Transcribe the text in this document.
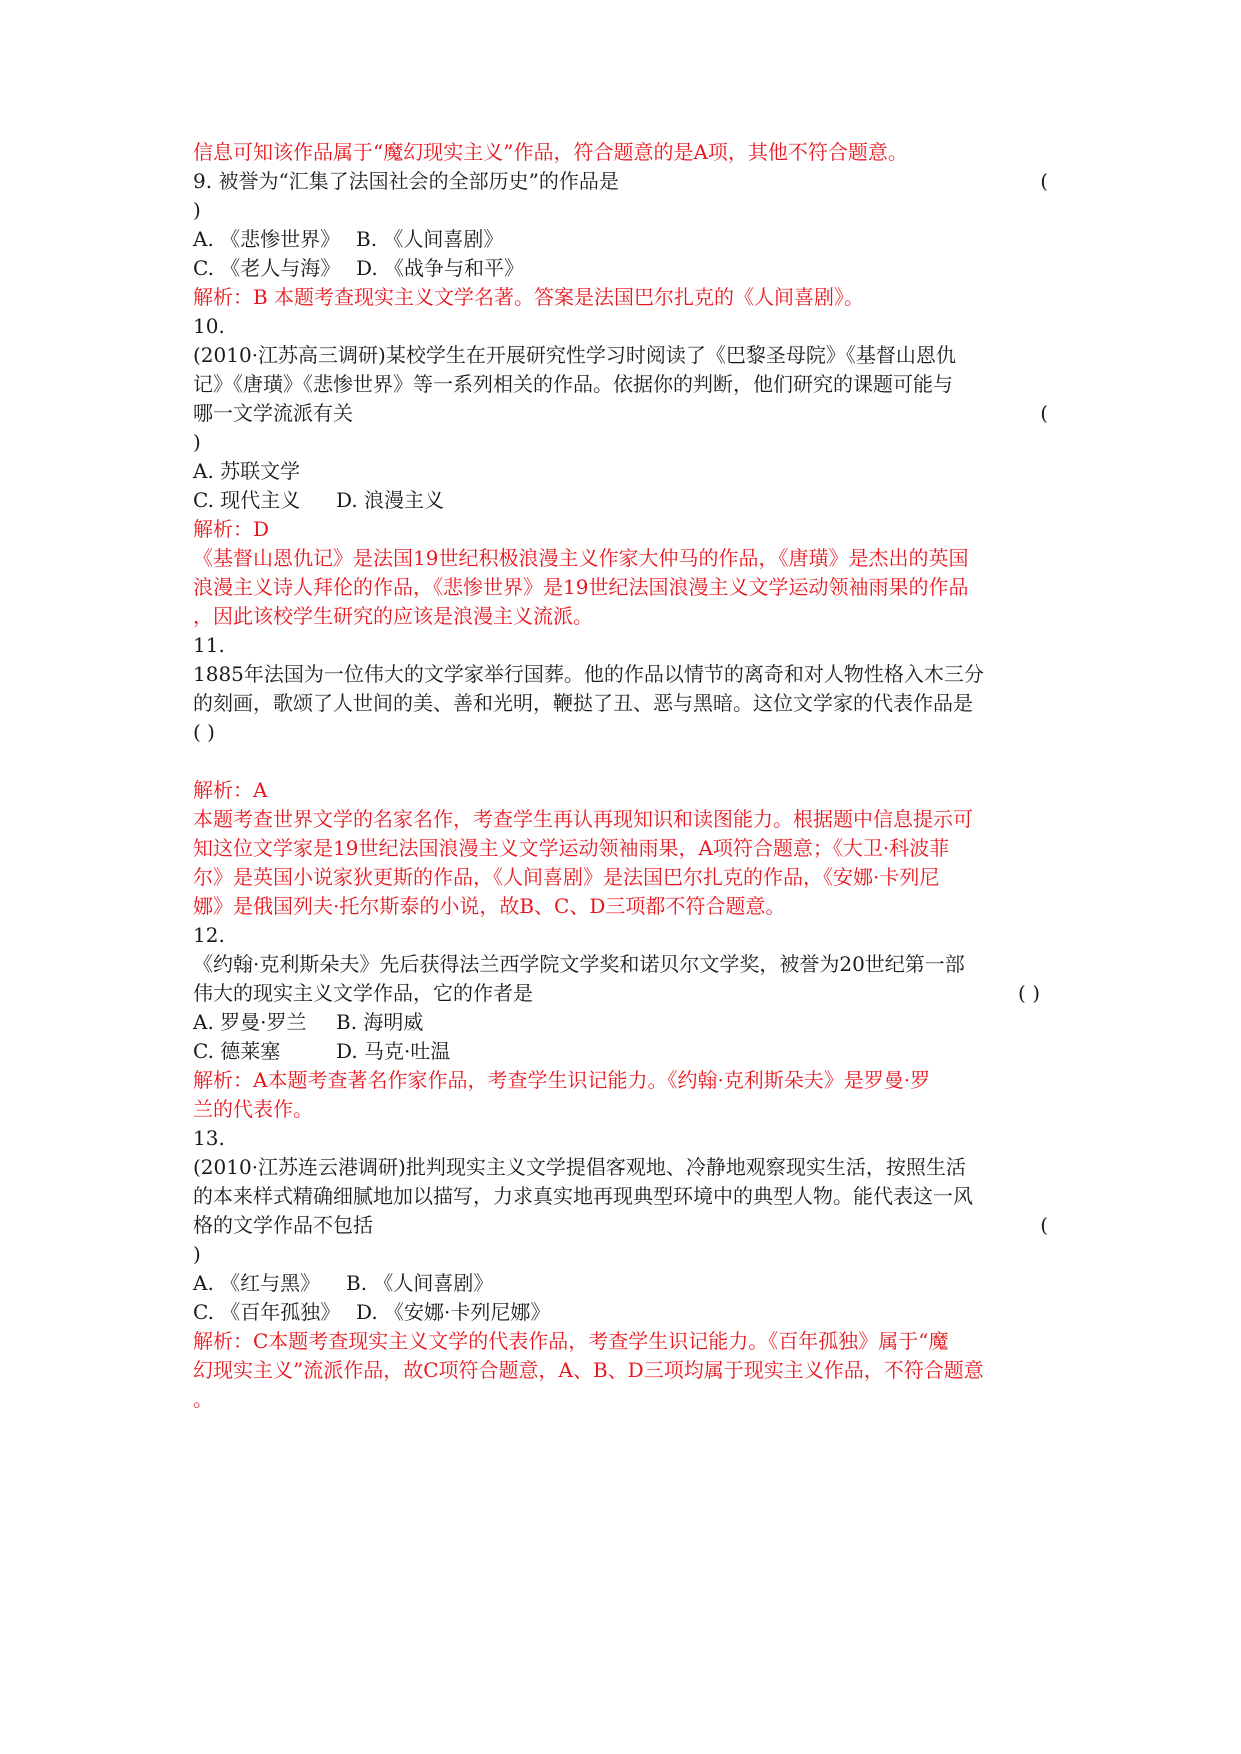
信息可知该作品属于“魔幻现实主义”作品，符合题意的是A项，其他不符合题意。
9. 被誉为“汇集了法国社会的全部历史”的作品是	(
)
A. 《悲惨世界》 B. 《人间喜剧》
C. 《老人与海》 D. 《战争与和平》
解析：B 本题考查现实主义文学名著。答案是法国巴尔扎克的《人间喜剧》。
10.
(2010·江苏高三调研)某校学生在开展研究性学习时阅读了《巴黎圣母院》《基督山恩仇
记》《唐璜》《悲惨世界》等一系列相关的作品。依据你的判断，他们研究的课题可能与
哪一文学流派有关	(
)
A. 苏联文学
C. 现代主义 D. 浪漫主义
解析：D
《基督山恩仇记》是法国19世纪积极浪漫主义作家大仲马的作品，《唐璜》是杰出的英国
浪漫主义诗人拜伦的作品，《悲惨世界》是19世纪法国浪漫主义文学运动领袖雨果的作品
，因此该校学生研究的应该是浪漫主义流派。
11.
1885年法国为一位伟大的文学家举行国葬。他的作品以情节的离奇和对人物性格入木三分
的刻画，歌颂了人世间的美、善和光明，鞭挞了丑、恶与黑暗。这位文学家的代表作品是
( )
解析：A
本题考查世界文学的名家名作，考查学生再认再现知识和读图能力。根据题中信息提示可
知这位文学家是19世纪法国浪漫主义文学运动领袖雨果，A项符合题意；《大卫·科波菲
尔》是英国小说家狄更斯的作品，《人间喜剧》是法国巴尔扎克的作品，《安娜·卡列尼
娜》是俄国列夫·托尔斯泰的小说，故B、C、D三项都不符合题意。
12.
《约翰·克利斯朵夫》先后获得法兰西学院文学奖和诺贝尔文学奖，被誉为20世纪第一部
伟大的现实主义文学作品，它的作者是	( )
A. 罗曼·罗兰 B. 海明威
C. 德莱塞	D. 马克·吐温
解析：A本题考查著名作家作品，考查学生识记能力。《约翰·克利斯朵夫》是罗曼·罗
兰的代表作。
13.
(2010·江苏连云港调研)批判现实主义文学提倡客观地、冷静地观察现实生活，按照生活
的本来样式精确细腻地加以描写，力求真实地再现典型环境中的典型人物。能代表这一风
格的文学作品不包括	(
)
A. 《红与黑》 B. 《人间喜剧》
C. 《百年孤独》 D. 《安娜·卡列尼娜》
解析：C本题考查现实主义文学的代表作品，考查学生识记能力。《百年孤独》属于“魔
幻现实主义”流派作品，故C项符合题意，A、B、D三项均属于现实主义作品，不符合题意
。
